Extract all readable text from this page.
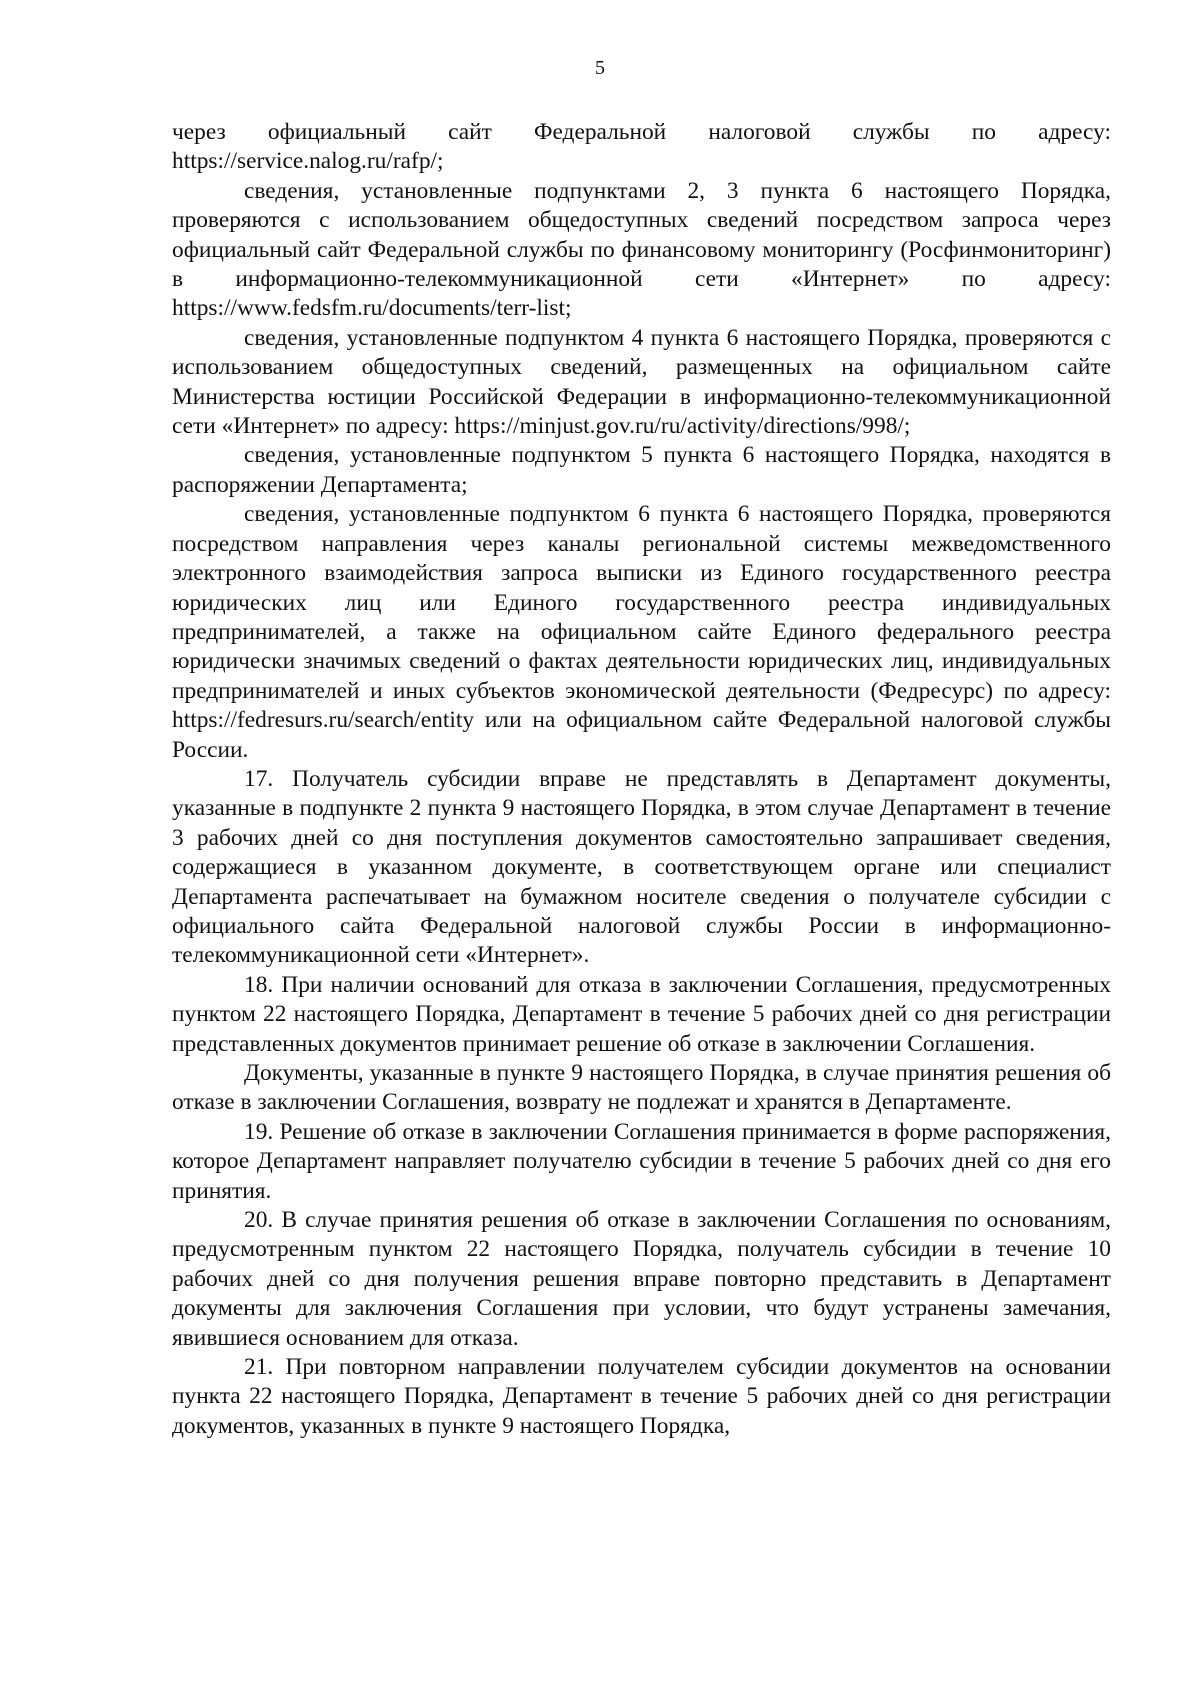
5

через официальный сайт Федеральной налоговой службы по адресу: https://service.nalog.ru/rafp/;

сведения, установленные подпунктами 2, 3 пункта 6 настоящего Порядка, проверяются с использованием общедоступных сведений посредством запроса через официальный сайт Федеральной службы по финансовому мониторингу (Росфинмониторинг) в информационно-телекоммуникационной сети «Интернет» по адресу: https://www.fedsfm.ru/documents/terr-list;

сведения, установленные подпунктом 4 пункта 6 настоящего Порядка, проверяются с использованием общедоступных сведений, размещенных на официальном сайте Министерства юстиции Российской Федерации в информационно-телекоммуникационной сети «Интернет» по адресу: https://minjust.gov.ru/ru/activity/directions/998/;

сведения, установленные подпунктом 5 пункта 6 настоящего Порядка, находятся в распоряжении Департамента;

сведения, установленные подпунктом 6 пункта 6 настоящего Порядка, проверяются посредством направления через каналы региональной системы межведомственного электронного взаимодействия запроса выписки из Единого государственного реестра юридических лиц или Единого государственного реестра индивидуальных предпринимателей, а также на официальном сайте Единого федерального реестра юридически значимых сведений о фактах деятельности юридических лиц, индивидуальных предпринимателей и иных субъектов экономической деятельности (Федресурс) по адресу: https://fedresurs.ru/search/entity или на официальном сайте Федеральной налоговой службы России.

17. Получатель субсидии вправе не представлять в Департамент документы, указанные в подпункте 2 пункта 9 настоящего Порядка, в этом случае Департамент в течение 3 рабочих дней со дня поступления документов самостоятельно запрашивает сведения, содержащиеся в указанном документе, в соответствующем органе или специалист Департамента распечатывает на бумажном носителе сведения о получателе субсидии с официального сайта Федеральной налоговой службы России в информационно-телекоммуникационной сети «Интернет».

18. При наличии оснований для отказа в заключении Соглашения, предусмотренных пунктом 22 настоящего Порядка, Департамент в течение 5 рабочих дней со дня регистрации представленных документов принимает решение об отказе в заключении Соглашения.

Документы, указанные в пункте 9 настоящего Порядка, в случае принятия решения об отказе в заключении Соглашения, возврату не подлежат и хранятся в Департаменте.

19. Решение об отказе в заключении Соглашения принимается в форме распоряжения, которое Департамент направляет получателю субсидии в течение 5 рабочих дней со дня его принятия.

20. В случае принятия решения об отказе в заключении Соглашения по основаниям, предусмотренным пунктом 22 настоящего Порядка, получатель субсидии в течение 10 рабочих дней со дня получения решения вправе повторно представить в Департамент документы для заключения Соглашения при условии, что будут устранены замечания, явившиеся основанием для отказа.

21. При повторном направлении получателем субсидии документов на основании пункта 22 настоящего Порядка, Департамент в течение 5 рабочих дней со дня регистрации документов, указанных в пункте 9 настоящего Порядка,
